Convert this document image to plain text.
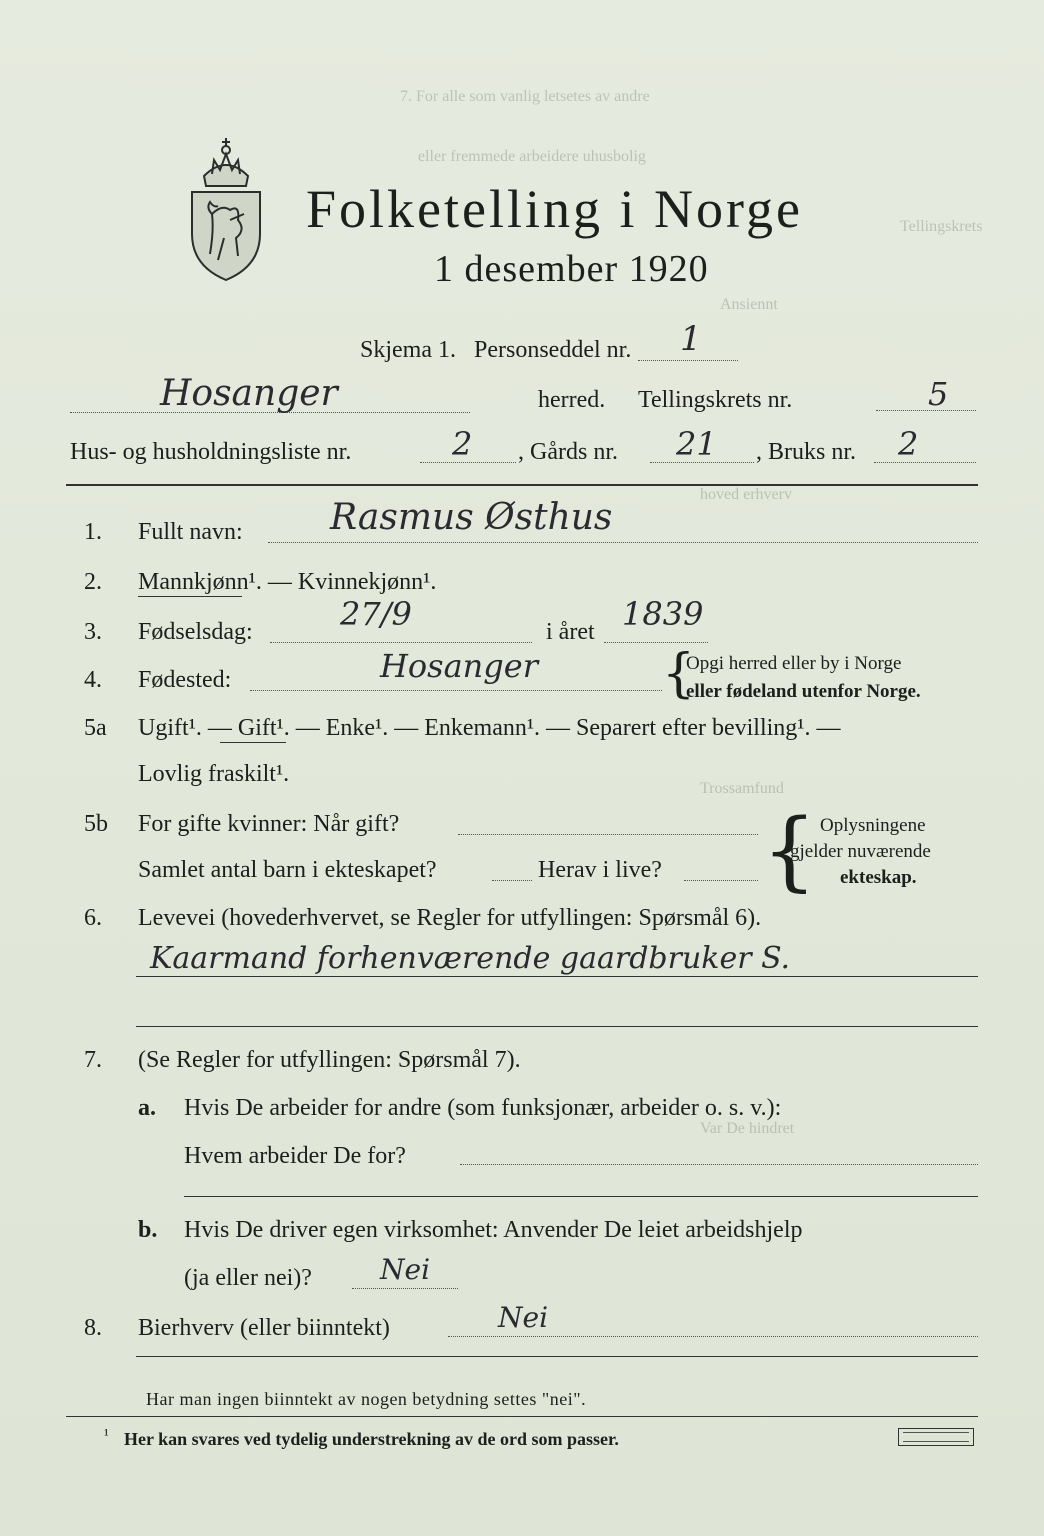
7. For alle som vanlig letsetes av andre
eller fremmede arbeidere uhusbolig
Tellingskrets
Ansiennt
hoved erhverv
Trossamfund
Var De hindret
Folketelling i Norge
1 desember 1920
Skjema 1. Personseddel nr. 1
Hosanger	herred. Tellingskrets nr.	5
Hus- og husholdningsliste nr.	2 , Gårds nr. 21 , Bruks nr. 2
1. Fullt navn: Rasmus Østhus
2. Mannkjønn¹. — Kvinnekjønn¹.
3. Fødselsdag:	27/9	i året 1839
4. Fødested:	Hosanger {
Opgi herred eller by i Norge
eller fødeland utenfor Norge.
5a Ugift¹. — Gift¹. — Enke¹. — Enkemann¹. — Separert efter bevilling¹. —
Lovlig fraskilt¹.
5b For gifte kvinner: Når gift?
Samlet antal barn i ekteskapet?	Herav i live? { Oplysningene
gjelder nuværende
ekteskap.
6. Levevei (hovederhvervet, se Regler for utfyllingen: Spørsmål 6).
Kaarmand forhenværende gaardbruker S.
7. (Se Regler for utfyllingen: Spørsmål 7).
a. Hvis De arbeider for andre (som funksjonær, arbeider o. s. v.):
Hvem arbeider De for?
b. Hvis De driver egen virksomhet: Anvender De leiet arbeidshjelp
(ja eller nei)? Nei
8. Bierhverv (eller biinntekt)	Nei
Har man ingen biinntekt av nogen betydning settes "nei".
¹ Her kan svares ved tydelig understrekning av de ord som passer.
